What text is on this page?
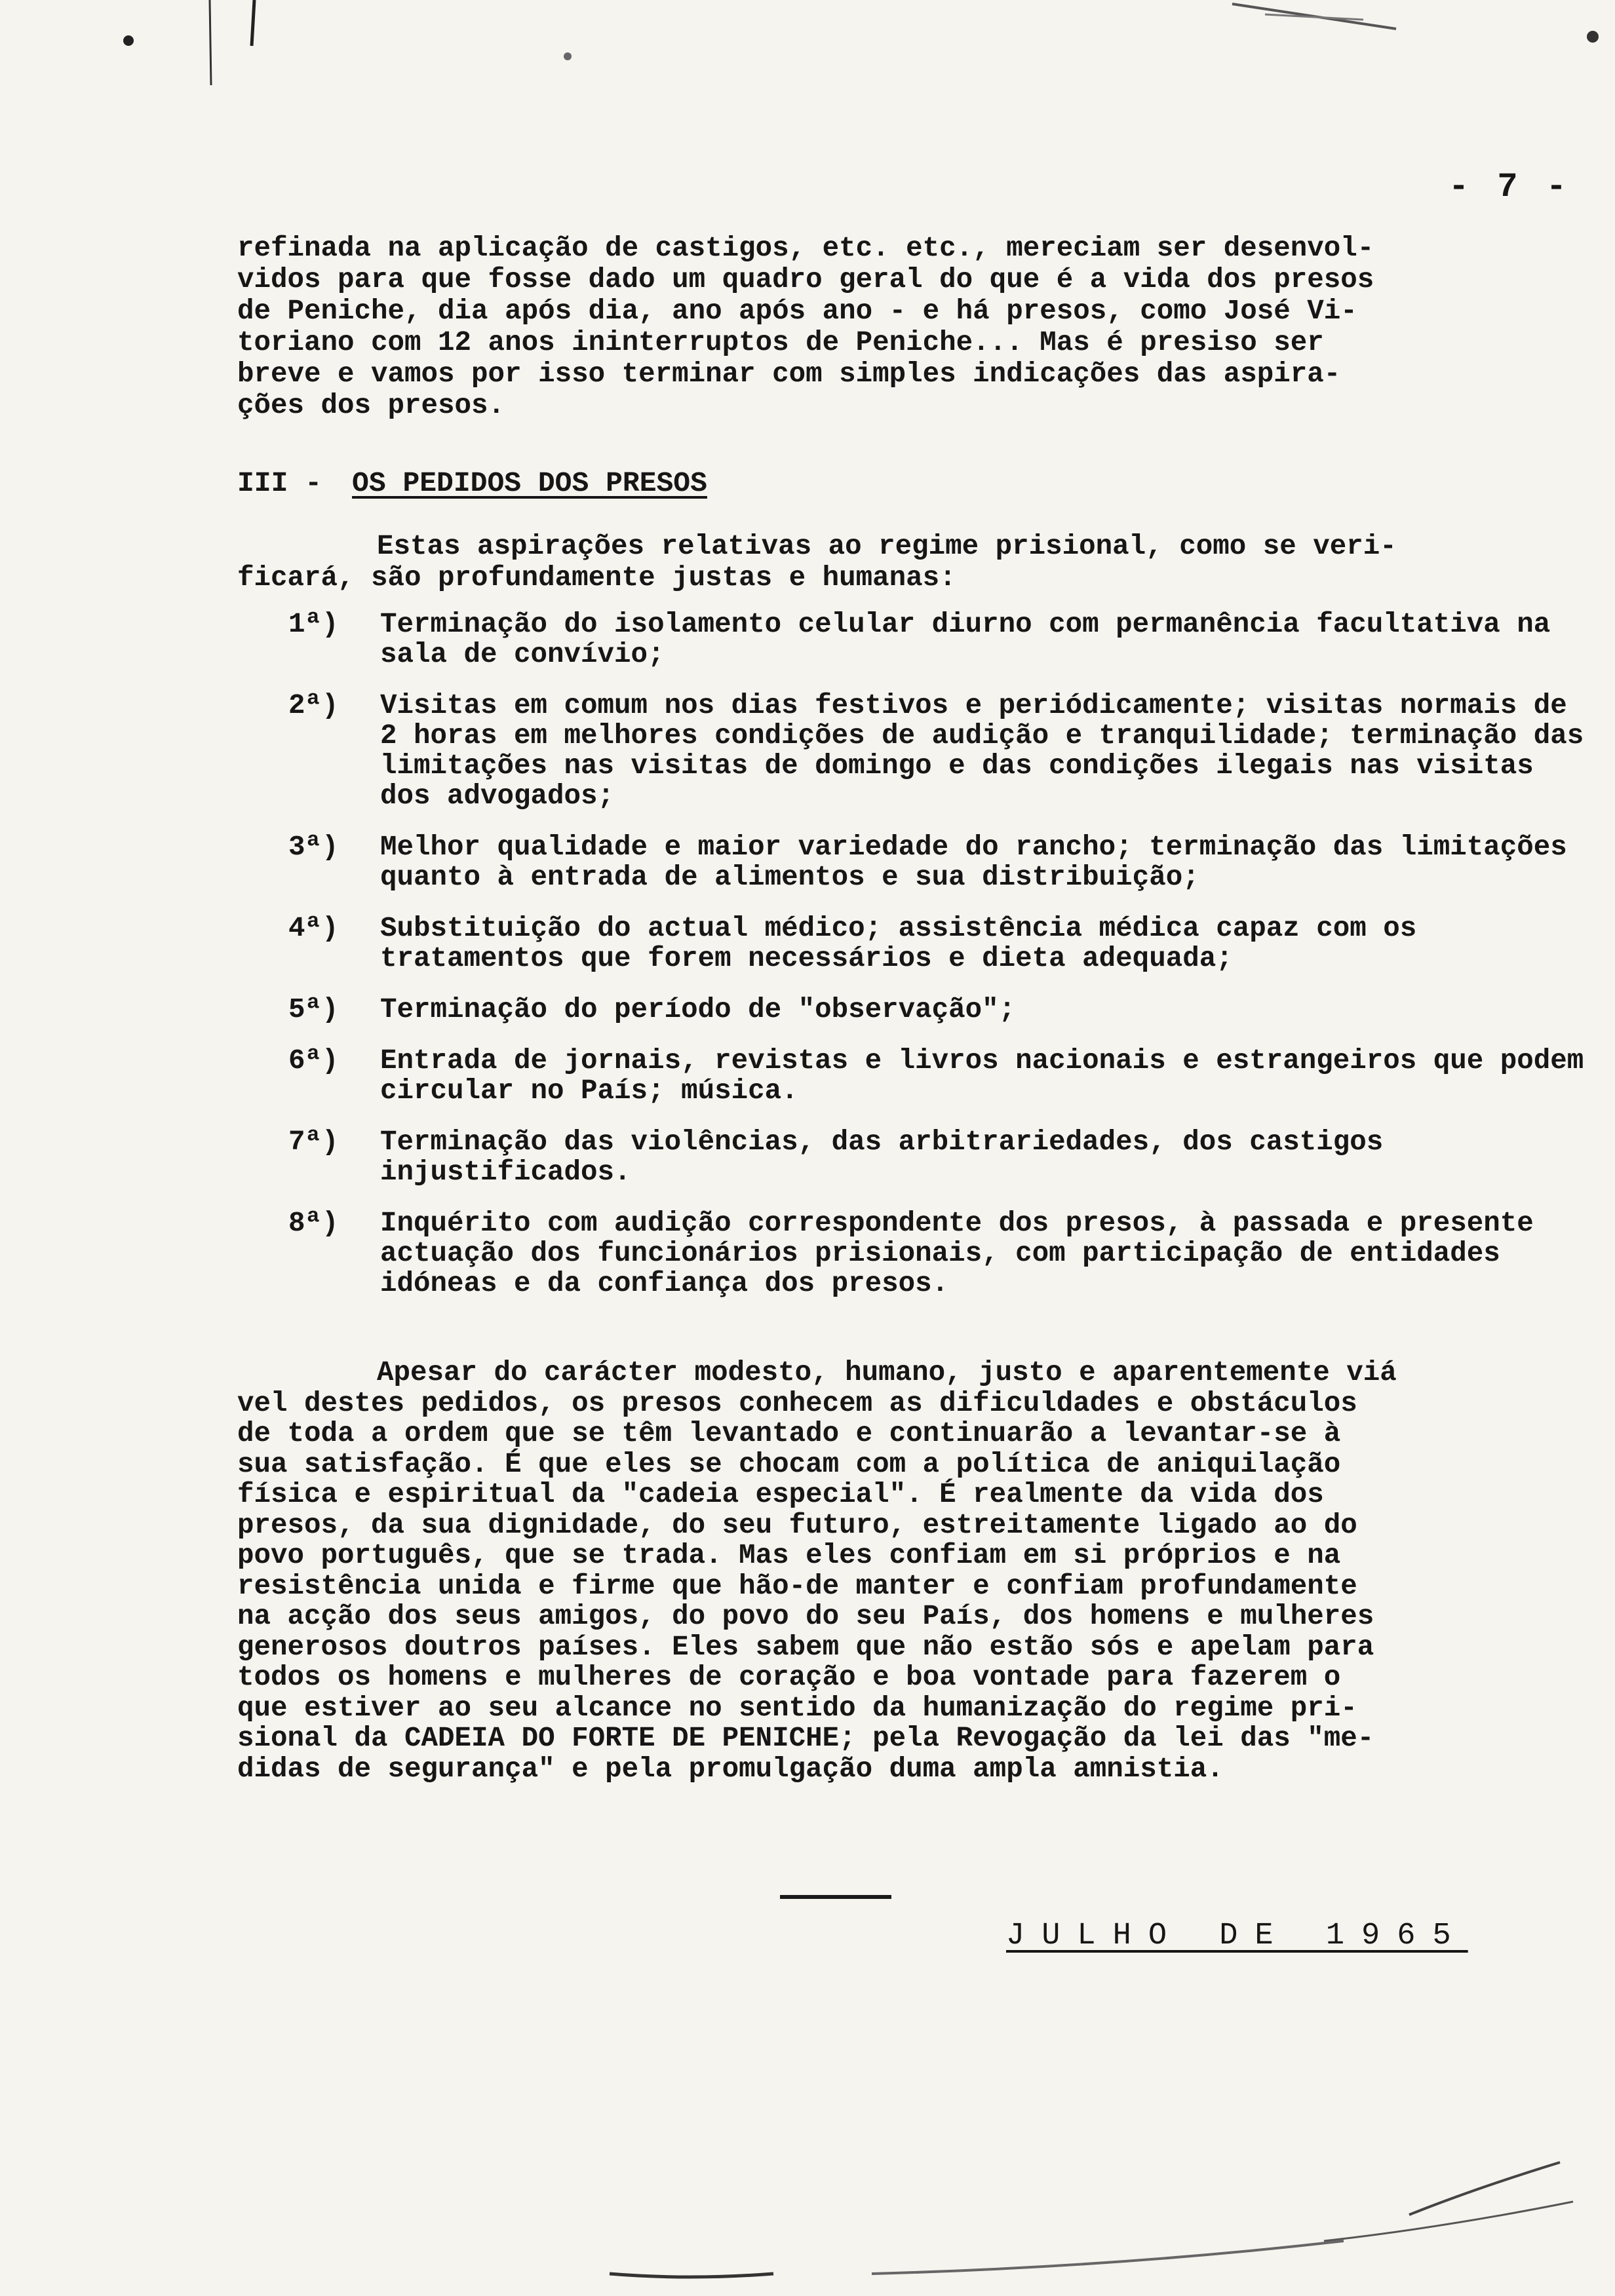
- 7 -
refinada na aplicação de castigos, etc. etc., mereciam ser desenvol-
vidos para que fosse dado um quadro geral do que é a vida dos presos
de Peniche, dia após dia, ano após ano - e há presos, como José Vi-
toriano com 12 anos ininterruptos de Peniche... Mas é presiso ser
breve e vamos por isso terminar com simples indicações das aspira-
ções dos presos.
III - OS PEDIDOS DOS PRESOS
Estas aspirações relativas ao regime prisional, como se veri-
ficará, são profundamente justas e humanas:
1ª) Terminação do isolamento celular diurno com permanência facultativa na sala de convívio;
2ª) Visitas em comum nos dias festivos e periódicamente; visitas normais de 2 horas em melhores condições de audição e tranquilidade; terminação das limitações nas visitas de domingo e das condições ilegais nas visitas dos advogados;
3ª) Melhor qualidade e maior variedade do rancho; terminação das limitações quanto à entrada de alimentos e sua distribuição;
4ª) Substituição do actual médico; assistência médica capaz com os tratamentos que forem necessários e dieta adequada;
5ª) Terminação do período de "observação";
6ª) Entrada de jornais, revistas e livros nacionais e estrangeiros que podem circular no País; música.
7ª) Terminação das violências, das arbitrariedades, dos castigos injustificados.
8ª) Inquérito com audição correspondente dos presos, à passada e presente actuação dos funcionários prisionais, com participação de entidades idóneas e da confiança dos presos.
Apesar do carácter modesto, humano, justo e aparentemente viá
vel destes pedidos, os presos conhecem as dificuldades e obstáculos
de toda a ordem que se têm levantado e continuarão a levantar-se à
sua satisfação. É que eles se chocam com a política de aniquilação
física e espiritual da "cadeia especial". É realmente da vida dos
presos, da sua dignidade, do seu futuro, estreitamente ligado ao do
povo português, que se trada. Mas eles confiam em si próprios e na
resistência unida e firme que hão-de manter e confiam profundamente
na acção dos seus amigos, do povo do seu País, dos homens e mulheres
generosos doutros países. Eles sabem que não estão sós e apelam para
todos os homens e mulheres de coração e boa vontade para fazerem o
que estiver ao seu alcance no sentido da humanização do regime pri-
sional da CADEIA DO FORTE DE PENICHE; pela Revogação da lei das "me-
didas de segurança" e pela promulgação duma ampla amnistia.
JULHO DE 1965
